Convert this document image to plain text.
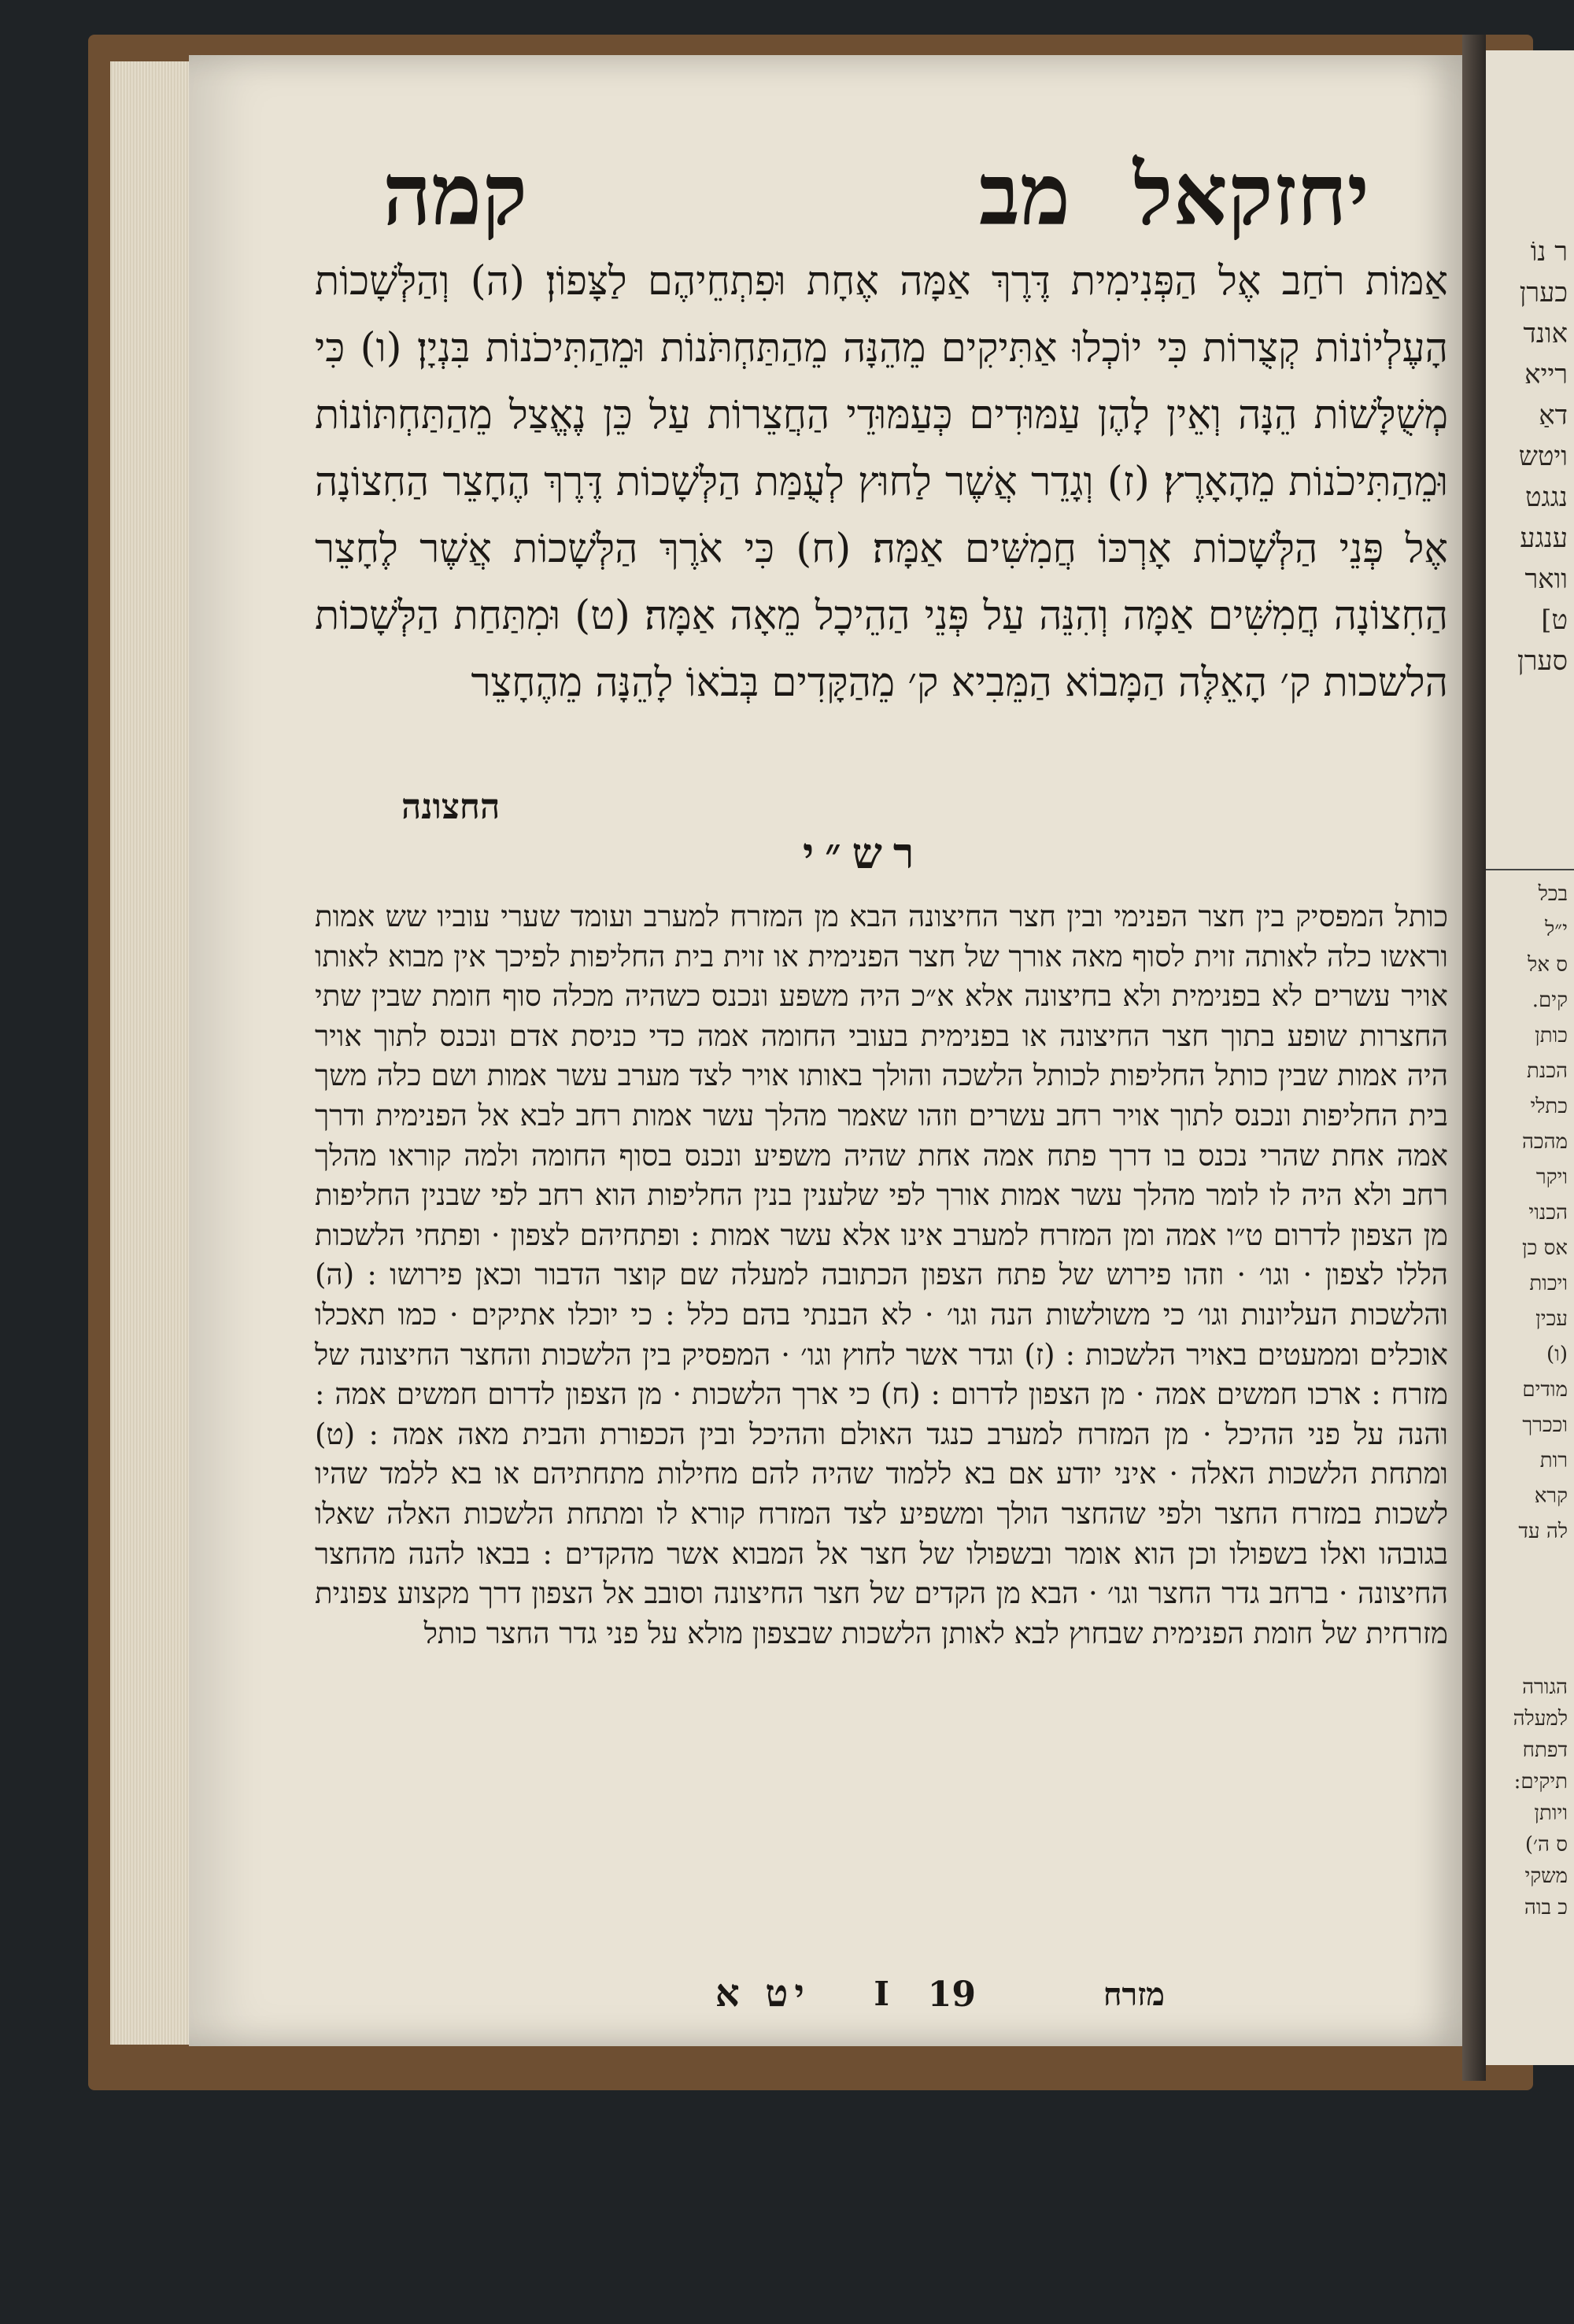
יחזקאל
מב
קמה

אַמּוֹת רֹחַב אֶל הַפְּנִימִית דֶּרֶךְ אַמָּה אֶחָת וּפִתְחֵיהֶם לַצָּפוֹן׃ (ה) וְהַלְּשָׁכוֹת הָעֶלְיוֹנוֹת קְצֻרוֹת כִּי יוֹכְלוּ אַתִּיקִים מֵהֵנָּה מֵהַתַּחְתֹּנוֹת וּמֵהַתִּיכֹנוֹת בִּנְיָן׃ (ו) כִּי מְשֻׁלָּשׁוֹת הֵנָּה וְאֵין לָהֶן עַמּוּדִים כְּעַמּוּדֵי הַחֲצֵרוֹת עַל כֵּן נֶאֱצַל מֵהַתַּחְתּוֹנוֹת וּמֵהַתִּיכֹנוֹת מֵהָאָרֶץ׃ (ז) וְגָדֵר אֲשֶׁר לַחוּץ לְעֻמַּת הַלְּשָׁכוֹת דֶּרֶךְ הֶחָצֵר הַחִצוֹנָה אֶל פְּנֵי הַלְּשָׁכוֹת אָרְכּוֹ חֲמִשִּׁים אַמָּה׃ (ח) כִּי אֹרֶךְ הַלְּשָׁכוֹת אֲשֶׁר לֶחָצֵר הַחִצוֹנָה חֲמִשִּׁים אַמָּה וְהִנֵּה עַל פְּנֵי הַהֵיכָל מֵאָה אַמָּה׃ (ט) וּמִתַּחַת הַלְּשָׁכוֹת הלשכות ק׳ הָאֵלֶּה הַמָּבוֹא הַמֵּבִיא ק׳ מֵהַקָּדִים בְּבֹאוֹ לָהֵנָּה מֵהֶחָצֵר

החצונה
רש״י

כותל המפסיק בין חצר הפנימי ובין חצר החיצונה הבא מן המזרח למערב ועומד שערי עוביו שש אמות וראשו כלה לאותה זוית לסוף מאה אורך של חצר הפנימית או זוית בית החליפות לפיכך אין מבוא לאותו אויר עשרים לא בפנימית ולא בחיצונה אלא א״כ היה משפע ונכנס כשהיה מכלה סוף חומת שבין שתי החצרות שופע בתוך חצר החיצונה או בפנימית בעובי החומה אמה כדי כניסת אדם ונכנס לתוך אויר היה אמות שבין כותל החליפות לכותל הלשכה והולך באותו אויר לצד מערב עשר אמות ושם כלה משך בית החליפות ונכנס לתוך אויר רחב עשרים וזהו שאמר מהלך עשר אמות רחב לבא אל הפנימית ודרך אמה אחת שהרי נכנס בו דרך פתח אמה אחת שהיה משפיע ונכנס בסוף החומה ולמה קוראו מהלך רחב ולא היה לו לומר מהלך עשר אמות אורך לפי שלענין בנין החליפות הוא רחב לפי שבנין החליפות מן הצפון לדרום ט״ו אמה ומן המזרח למערב אינו אלא עשר אמות : ופתחיהם לצפון · ופתחי הלשכות הללו לצפון · וגו׳ · וזהו פירוש של פתח הצפון הכתובה למעלה שם קוצר הדבור וכאן פירושו : (ה) והלשכות העליונות וגו׳ כי משולשות הנה וגו׳ · לא הבנתי בהם כלל : כי יוכלו אתיקים · כמו תאכלו אוכלים וממעטים באויר הלשכות : (ז) וגדר אשר לחוץ וגו׳ · המפסיק בין הלשכות והחצר החיצונה של מזרח : ארכו חמשים אמה · מן הצפון לדרום : (ח) כי ארך הלשכות · מן הצפון לדרום חמשים אמה : והנה על פני ההיכל · מן המזרח למערב כנגד האולם וההיכל ובין הכפורת והבית מאה אמה : (ט) ומתחת הלשכות האלה · איני יודע אם בא ללמוד שהיה להם מחילות מתחתיהם או בא ללמד שהיו לשכות במזרח החצר ולפי שהחצר הולך ומשפיע לצד המזרח קורא לו ומתחת הלשכות האלה שאלו בגובהו ואלו בשפולו וכן הוא אומר ובשפולו של חצר אל המבוא אשר מהקדים : בבאו להנה מהחצר החיצונה · ברחב גדר החצר וגו׳ · הבא מן הקדים של חצר החיצונה וסובב אל הצפון דרך מקצוע צפונית מזרחית של חומת הפנימית שבחוץ לבא לאותן הלשכות שבצפון מולא על פני גדר החצר כותל

מזרח
יט א I 19
ר נוֹ
כערן
אונד
רייא
דאַ
ויטש
נגגט
ענגע
וואר
ט]
סערן
בכל
י״ל
ס אל
קים.
כותן
הכנת
כתלי
מהכה
ויקר
הכנוי
אס כן
ויכות
עכין
(ו)
מודים
וככרך
רות
קרא
לה עד
הגורה
למעלה
דפתח
תיקים:
ויותן
ס ה׳)
משקי
כ בוה
